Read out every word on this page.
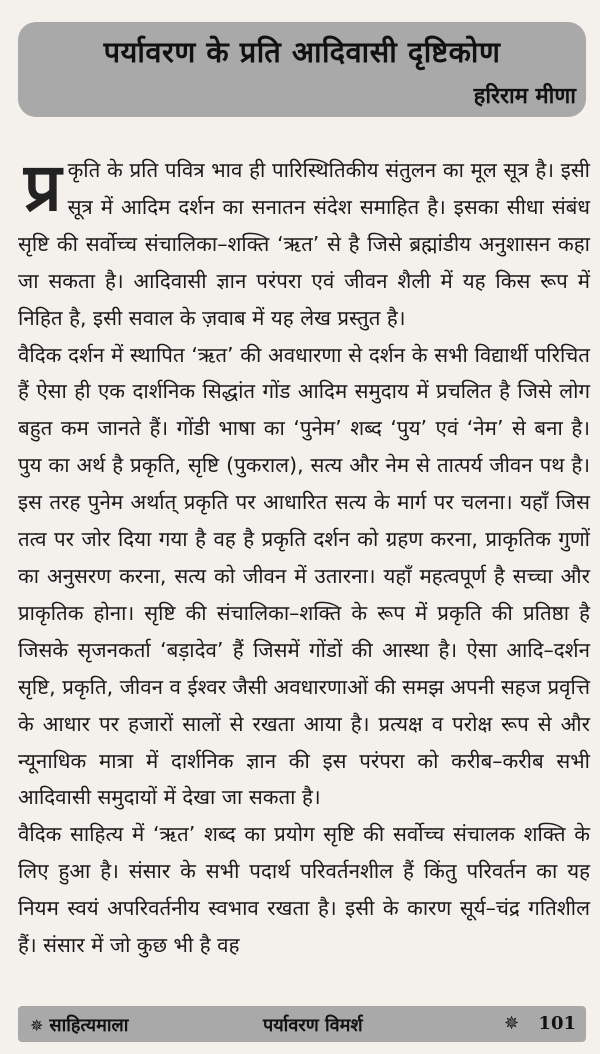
पर्यावरण के प्रति आदिवासी दृष्टिकोण
हरिराम मीणा

प्र कृति के प्रति पवित्र भाव ही पारिस्थितिकीय संतुलन का मूल सूत्र है। इसी सूत्र में आदिम दर्शन का सनातन संदेश समाहित है। इसका सीधा संबंध सृष्टि की सर्वोच्च संचालिका–शक्ति ‘ऋत’ से है जिसे ब्रह्मांडीय अनुशासन कहा जा सकता है। आदिवासी ज्ञान परंपरा एवं जीवन शैली में यह किस रूप में निहित है, इसी सवाल के ज़वाब में यह लेख प्रस्तुत है।

वैदिक दर्शन में स्थापित ‘ऋत’ की अवधारणा से दर्शन के सभी विद्यार्थी परिचित हैं ऐसा ही एक दार्शनिक सिद्धांत गोंड आदिम समुदाय में प्रचलित है जिसे लोग बहुत कम जानते हैं। गोंडी भाषा का ‘पुनेम’ शब्द ‘पुय’ एवं ‘नेम’ से बना है। पुय का अर्थ है प्रकृति, सृष्टि (पुकराल), सत्य और नेम से तात्पर्य जीवन पथ है। इस तरह पुनेम अर्थात् प्रकृति पर आधारित सत्य के मार्ग पर चलना। यहाँ जिस तत्व पर जोर दिया गया है वह है प्रकृति दर्शन को ग्रहण करना, प्राकृतिक गुणों का अनुसरण करना, सत्य को जीवन में उतारना। यहाँ महत्वपूर्ण है सच्चा और प्राकृतिक होना। सृष्टि की संचालिका–शक्ति के रूप में प्रकृति की प्रतिष्ठा है जिसके सृजनकर्ता ‘बड़ादेव’ हैं जिसमें गोंडों की आस्था है। ऐसा आदि–दर्शन सृष्टि, प्रकृति, जीवन व ईश्वर जैसी अवधारणाओं की समझ अपनी सहज प्रवृत्ति के आधार पर हजारों सालों से रखता आया है। प्रत्यक्ष व परोक्ष रूप से और न्यूनाधिक मात्रा में दार्शनिक ज्ञान की इस परंपरा को करीब–करीब सभी आदिवासी समुदायों में देखा जा सकता है।

वैदिक साहित्य में ‘ऋत’ शब्द का प्रयोग सृष्टि की सर्वोच्च संचालक शक्ति के लिए हुआ है। संसार के सभी पदार्थ परिवर्तनशील हैं किंतु परिवर्तन का यह नियम स्वयं अपरिवर्तनीय स्वभाव रखता है। इसी के कारण सूर्य–चंद्र गतिशील हैं। संसार में जो कुछ भी है वह

✵ साहित्यमाला	पर्यावरण विमर्श	✵ 101
